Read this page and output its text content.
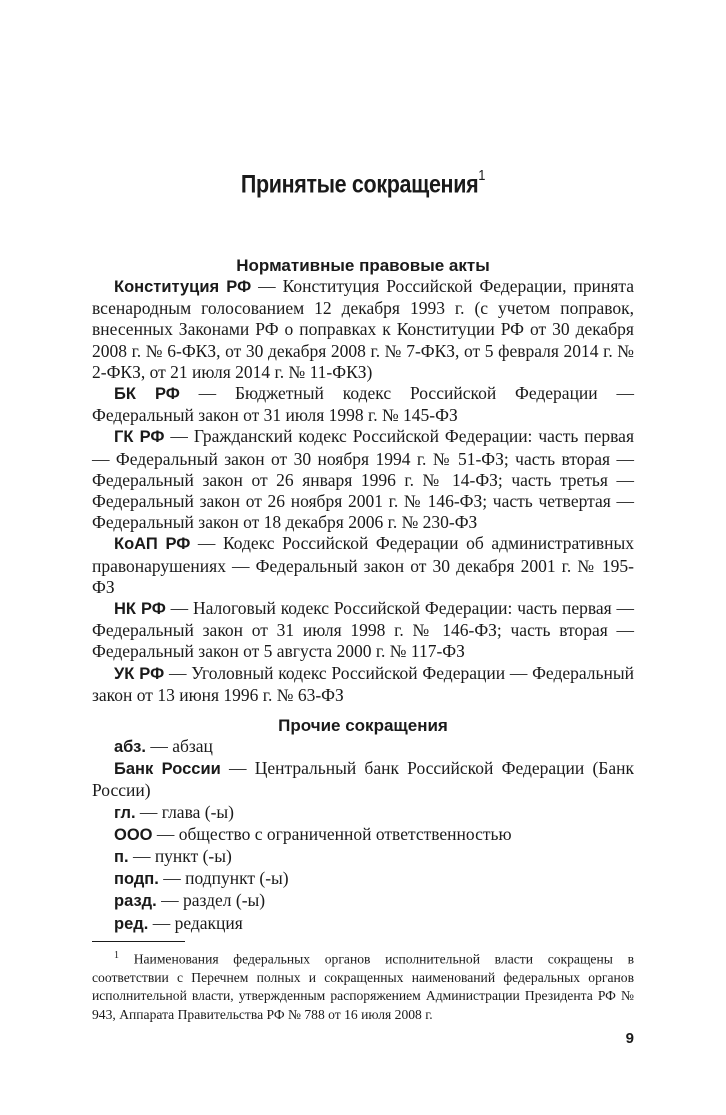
Принятые сокращения$^1$

Нормативные правовые акты

Конституция РФ — Конституция Российской Федерации, принята всенародным голосованием 12 декабря 1993 г. (с учетом поправок, внесенных Законами РФ о поправках к Конституции РФ от 30 декабря 2008 г. № 6-ФКЗ, от 30 декабря 2008 г. № 7-ФКЗ, от 5 февраля 2014 г. № 2-ФКЗ, от 21 июля 2014 г. № 11-ФКЗ)

БК РФ — Бюджетный кодекс Российской Федерации — Федеральный закон от 31 июля 1998 г. № 145-ФЗ

ГК РФ — Гражданский кодекс Российской Федерации: часть первая — Федеральный закон от 30 ноября 1994 г. № 51-ФЗ; часть вторая — Федеральный закон от 26 января 1996 г. № 14-ФЗ; часть третья — Федеральный закон от 26 ноября 2001 г. № 146-ФЗ; часть четвертая — Федеральный закон от 18 декабря 2006 г. № 230-ФЗ

КоАП РФ — Кодекс Российской Федерации об административных правонарушениях — Федеральный закон от 30 декабря 2001 г. № 195-ФЗ

НК РФ — Налоговый кодекс Российской Федерации: часть первая — Федеральный закон от 31 июля 1998 г. № 146-ФЗ; часть вторая — Федеральный закон от 5 августа 2000 г. № 117-ФЗ

УК РФ — Уголовный кодекс Российской Федерации — Федеральный закон от 13 июня 1996 г. № 63-ФЗ

Прочие сокращения

абз. — абзац

Банк России — Центральный банк Российской Федерации (Банк России)

гл. — глава (-ы)

ООО — общество с ограниченной ответственностью

п. — пункт (-ы)

подп. — подпункт (-ы)

разд. — раздел (-ы)

ред. — редакция

$^1$ Наименования федеральных органов исполнительной власти сокращены в соответствии с Перечнем полных и сокращенных наименований федеральных органов исполнительной власти, утвержденным распоряжением Администрации Президента РФ № 943, Аппарата Правительства РФ № 788 от 16 июля 2008 г.

9
